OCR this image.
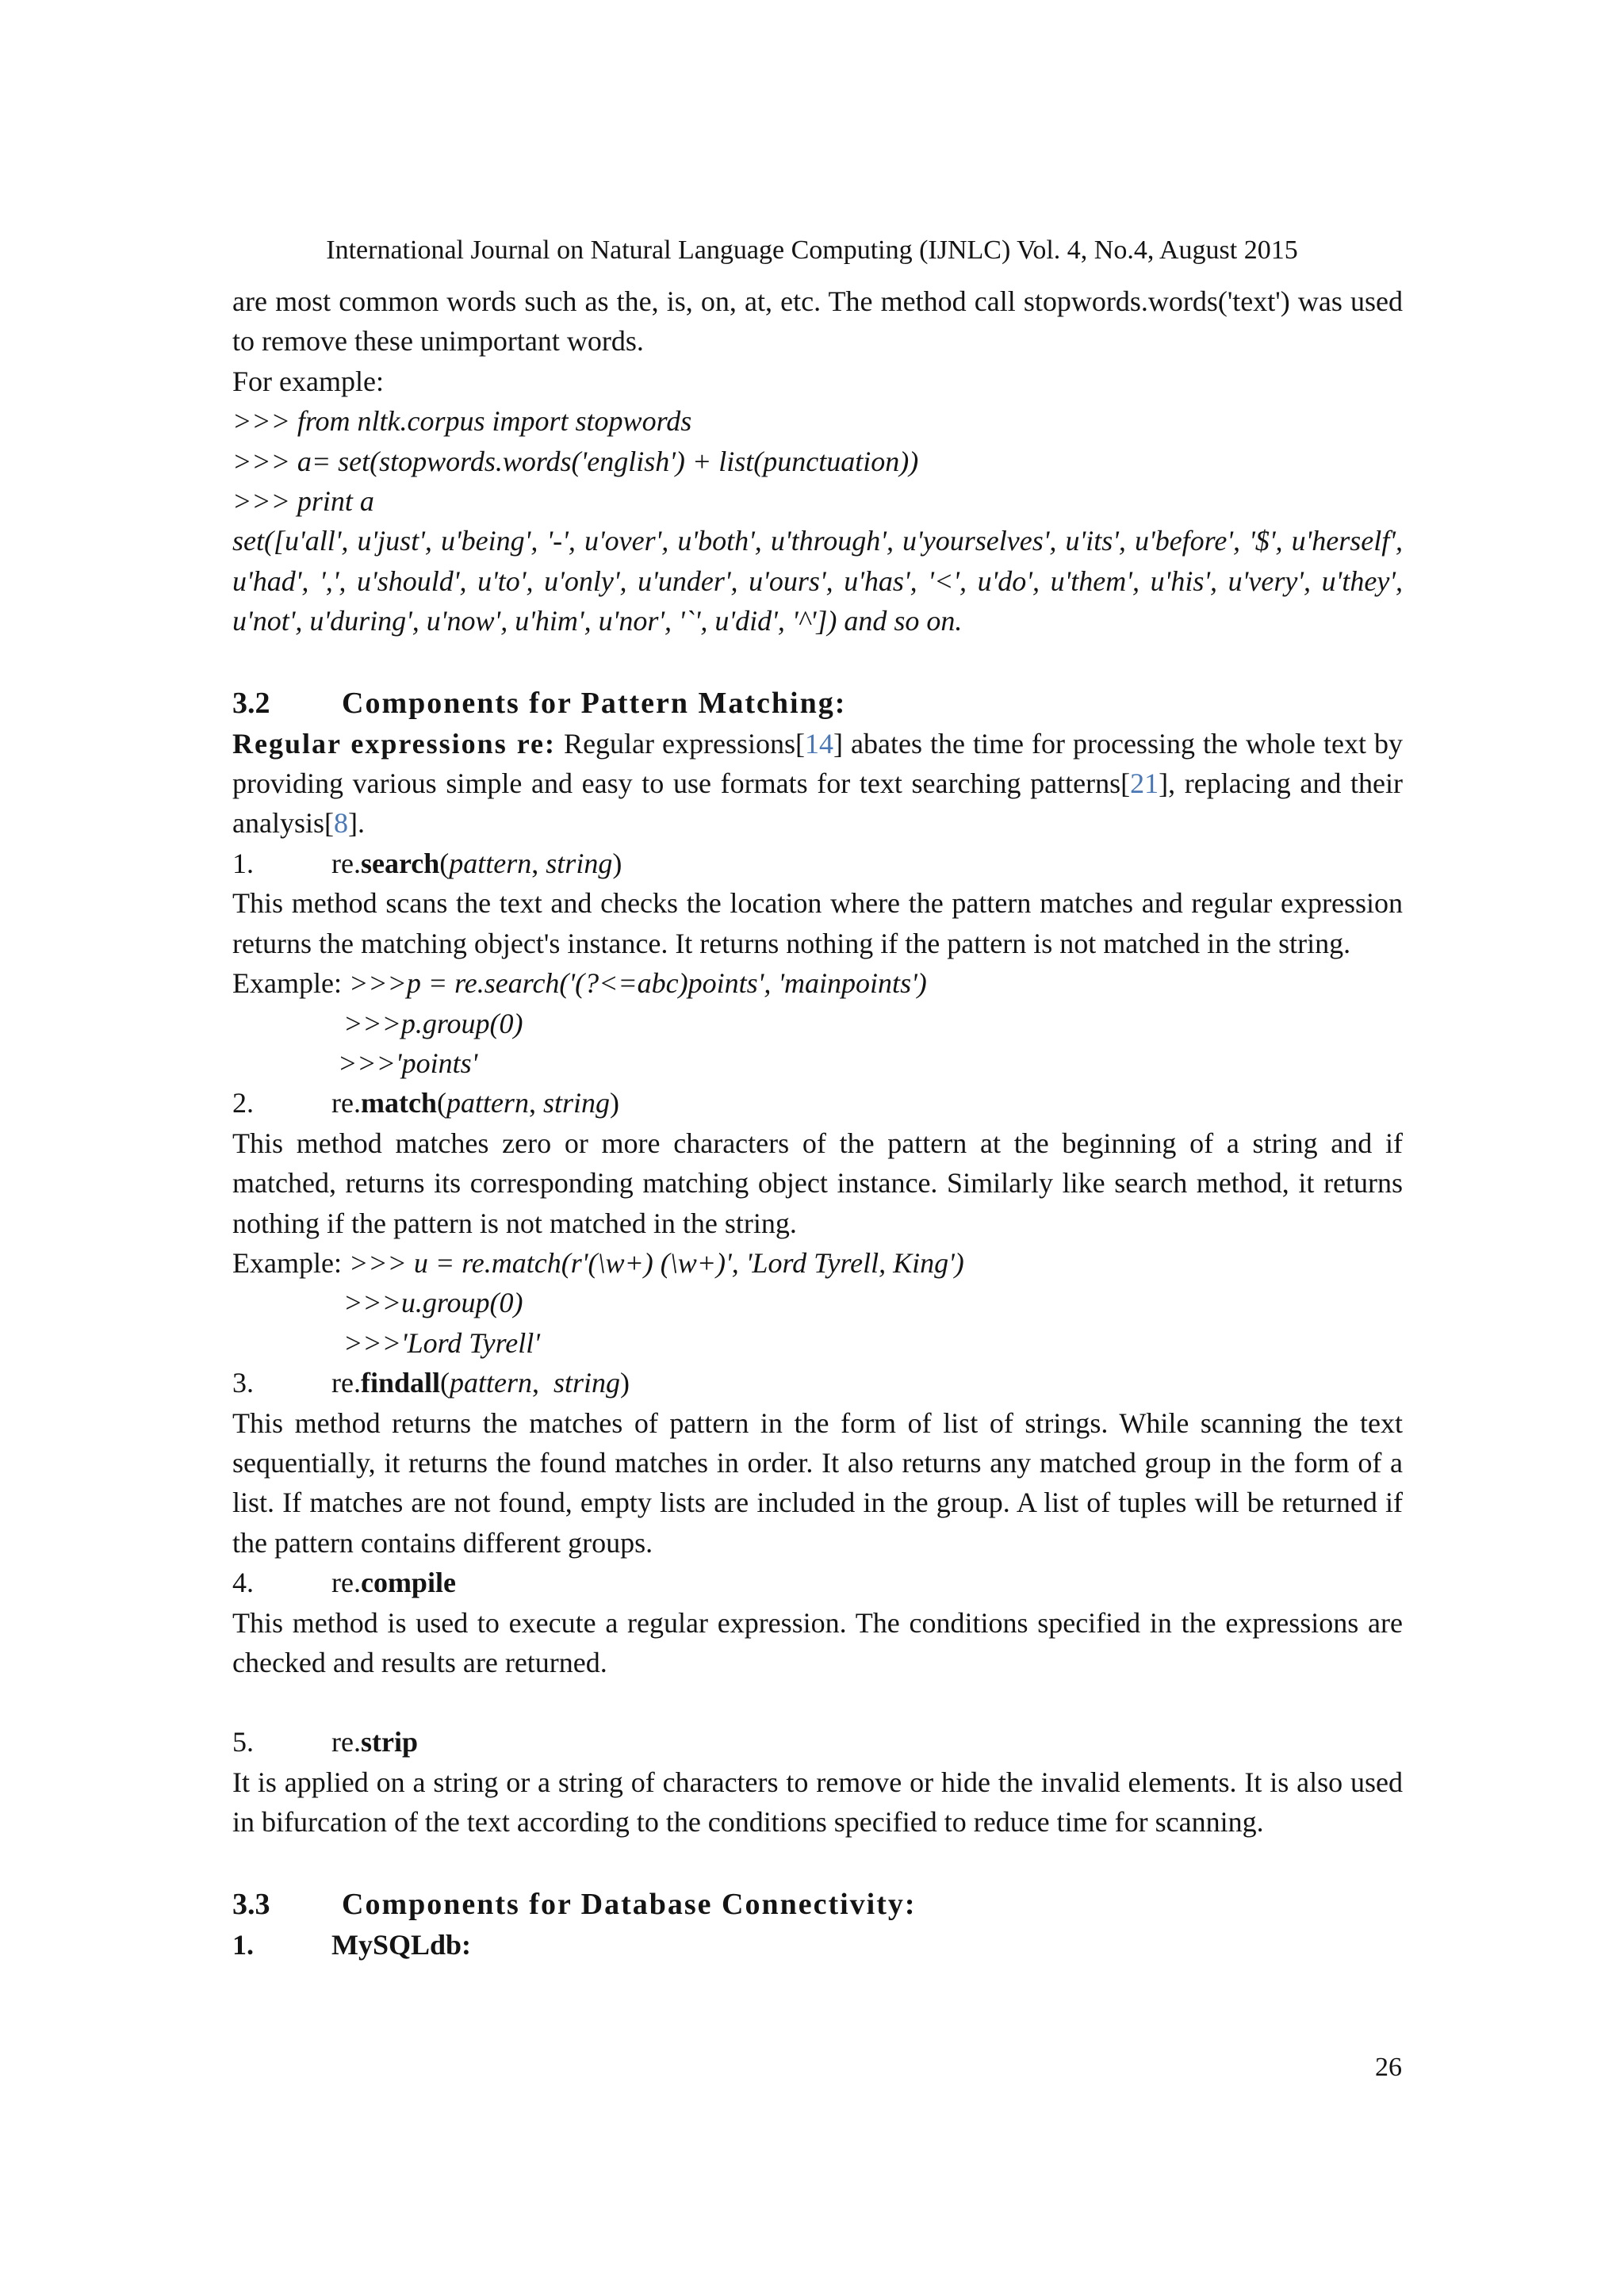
International Journal on Natural Language Computing (IJNLC) Vol. 4, No.4, August 2015

are most common words such as the, is, on, at, etc. The method call stopwords.words('text') was used to remove these unimportant words.

For example:

>>> from nltk.corpus import stopwords

>>> a= set(stopwords.words('english') + list(punctuation))

>>> print a

set([u'all', u'just', u'being', '-', u'over', u'both', u'through', u'yourselves', u'its', u'before', '$', u'herself', u'had', ',', u'should', u'to', u'only', u'under', u'ours', u'has', '<', u'do', u'them', u'his', u'very', u'they', u'not', u'during', u'now', u'him', u'nor', '`', u'did', '^']) and so on.

3.2 Components for Pattern Matching:

Regular expressions re: Regular expressions[14] abates the time for processing the whole text by providing various simple and easy to use formats for text searching patterns[21], replacing and their analysis[8].

1.	re.search(pattern, string)

This method scans the text and checks the location where the pattern matches and regular expression returns the matching object's instance. It returns nothing if the pattern is not matched in the string.

Example: >>>p = re.search('(?<=abc)points', 'mainpoints')

>>>p.group(0)

>>>'points'

2.	re.match(pattern, string)

This method matches zero or more characters of the pattern at the beginning of a string and if matched, returns its corresponding matching object instance. Similarly like search method, it returns nothing if the pattern is not matched in the string.

Example: >>> u = re.match(r'(\w+) (\w+)', 'Lord Tyrell, King')

>>>u.group(0)

>>>'Lord Tyrell'

3.	re.findall(pattern,  string)

This method returns the matches of pattern in the form of list of strings. While scanning the text sequentially, it returns the found matches in order. It also returns any matched group in the form of a list. If matches are not found, empty lists are included in the group. A list of tuples will be returned if the pattern contains different groups.

4.	re.compile

This method is used to execute a regular expression. The conditions specified in the expressions are checked and results are returned.

5.	re.strip

It is applied on a string or a string of characters to remove or hide the invalid elements. It is also used in bifurcation of the text according to the conditions specified to reduce time for scanning.

3.3 Components for Database Connectivity:

1.	MySQLdb:

26
